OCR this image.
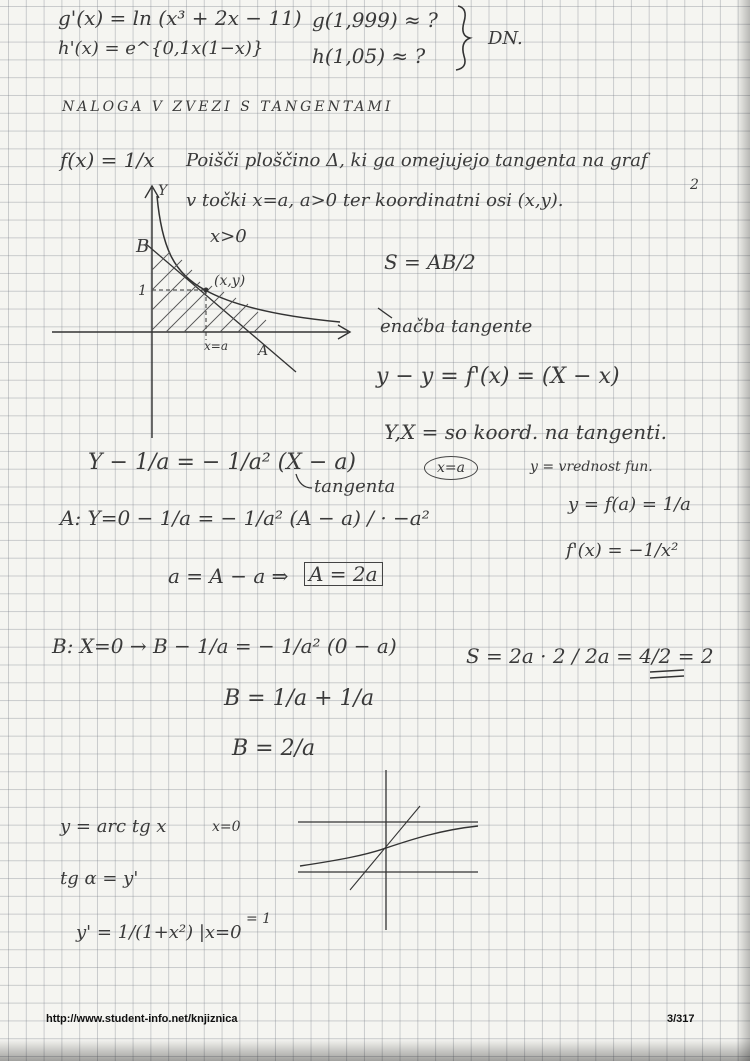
g'(x) = ln (x³ + 2x − 11)
h'(x) = e^{0,1x(1−x)}
g(1,999) ≈ ?
h(1,05) ≈ ?
DN.
NALOGA V ZVEZI S TANGENTAMI
f(x) = 1/x Poišči ploščino Δ, ki ga omejujejo tangenta na graf
v točki x=a, a>0 ter koordinatni osi (x,y).
2
Y
B
1
x>0
(x,y)
x=a A
S = AB/2
enačba tangente
y − y = f'(x) = (X − x)
Y,X = so koord. na tangenti.
x=a	y = vrednost fun.
y = f(a) = 1/a
f'(x) = −1/x²
Y − 1/a = − 1/a² (X − a)
tangenta
A: Y=0 − 1/a = − 1/a² (A − a) / · −a²
a = A − a ⇒ A = 2a
B: X=0 → B − 1/a = − 1/a² (0 − a)
B = 1/a + 1/a
B = 2/a
S = 2a · 2 / 2a = 4/2 = 2
y = arc tg x	x=0
tg α = y'
y' = 1/(1+x²) |x=0
= 1
http://www.student-info.net/knjiznica	3/317
